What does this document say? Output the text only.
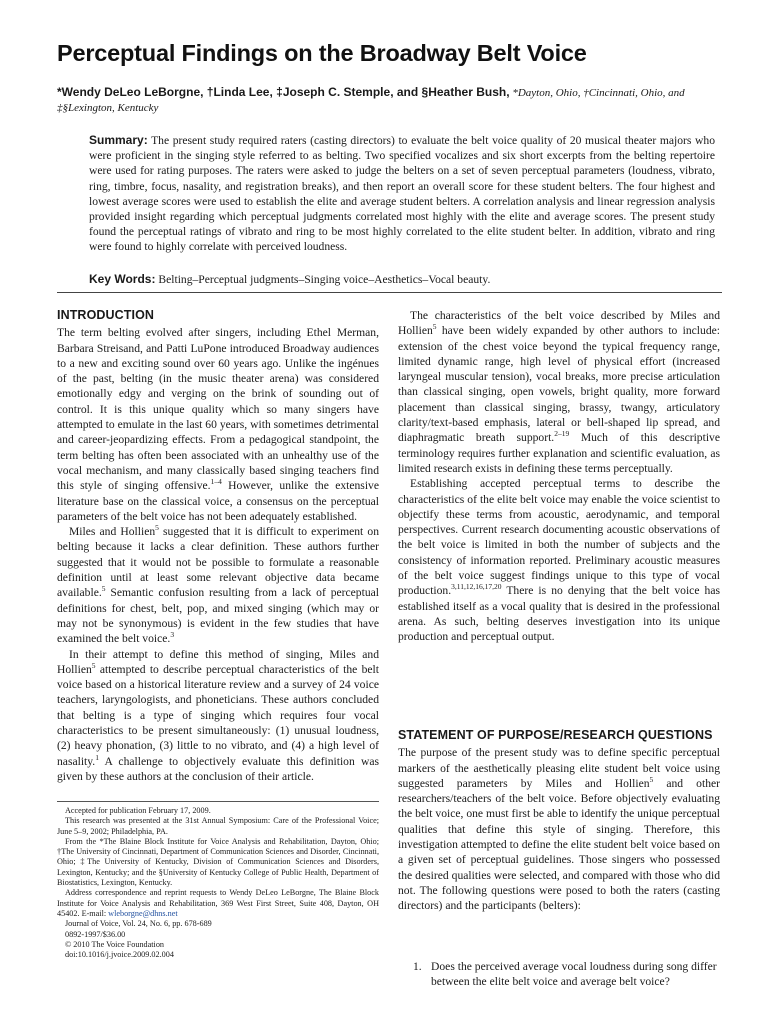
Perceptual Findings on the Broadway Belt Voice
*Wendy DeLeo LeBorgne, †Linda Lee, ‡Joseph C. Stemple, and §Heather Bush, *Dayton, Ohio, †Cincinnati, Ohio, and
‡§Lexington, Kentucky
Summary: The present study required raters (casting directors) to evaluate the belt voice quality of 20 musical theater majors who were proficient in the singing style referred to as belting. Two specified vocalizes and six short excerpts from the belting repertoire were used for rating purposes. The raters were asked to judge the belters on a set of seven perceptual parameters (loudness, vibrato, ring, timbre, focus, nasality, and registration breaks), and then report an overall score for these student belters. The four highest and lowest average scores were used to establish the elite and average student belters. A correlation analysis and linear regression analysis provided insight regarding which perceptual judgments correlated most highly with the elite and average scores. The present study found the perceptual ratings of vibrato and ring to be most highly correlated to the elite student belter. In addition, vibrato and ring were found to highly correlate with perceived loudness.
Key Words: Belting–Perceptual judgments–Singing voice–Aesthetics–Vocal beauty.
INTRODUCTION

The term belting evolved after singers, including Ethel Merman, Barbara Streisand, and Patti LuPone introduced Broadway audiences to a new and exciting sound over 60 years ago. Unlike the ingénues of the past, belting (in the music theater arena) was considered emotionally edgy and verging on the brink of sounding out of control. It is this unique quality which so many singers have attempted to emulate in the last 60 years, with sometimes detrimental and career-jeopardizing effects. From a pedagogical standpoint, the term belting has often been associated with an unhealthy use of the vocal mechanism, and many classically based singing teachers find this style of singing offensive.$^{1-4}$ However, unlike the extensive literature base on the classical voice, a consensus on the perceptual parameters of the belt voice has not been adequately established.

Miles and Hollien$^5$ suggested that it is difficult to experiment on belting because it lacks a clear definition. These authors further suggested that it would not be possible to formulate a reasonable definition until at least some relevant objective data became available.$^5$ Semantic confusion resulting from a lack of perceptual definitions for chest, belt, pop, and mixed singing (which may or may not be synonymous) is evident in the few studies that have examined the belt voice.$^3$

In their attempt to define this method of singing, Miles and Hollien$^5$ attempted to describe perceptual characteristics of the belt voice based on a historical literature review and a survey of 24 voice teachers, laryngologists, and phoneticians. These authors concluded that belting is a type of singing which requires four vocal characteristics to be present simultaneously: (1) unusual loudness, (2) heavy phonation, (3) little to no vibrato, and (4) a high level of nasality.$^1$ A challenge to objectively evaluate this definition was given by these authors at the conclusion of their article.

Accepted for publication February 17, 2009.

This research was presented at the 31st Annual Symposium: Care of the Professional Voice; June 5–9, 2002; Philadelphia, PA.

From the *The Blaine Block Institute for Voice Analysis and Rehabilitation, Dayton, Ohio; †The University of Cincinnati, Department of Communication Sciences and Disorder, Cincinnati, Ohio; ‡The University of Kentucky, Division of Communication Sciences and Disorders, Lexington, Kentucky; and the §University of Kentucky College of Public Health, Department of Biostatistics, Lexington, Kentucky.

Address correspondence and reprint requests to Wendy DeLeo LeBorgne, The Blaine Block Institute for Voice Analysis and Rehabilitation, 369 West First Street, Suite 408, Dayton, OH 45402. E-mail: wleborgne@dhns.net

Journal of Voice, Vol. 24, No. 6, pp. 678-689

0892-1997/$36.00

© 2010 The Voice Foundation

doi:10.1016/j.jvoice.2009.02.004

The characteristics of the belt voice described by Miles and Hollien$^5$ have been widely expanded by other authors to include: extension of the chest voice beyond the typical frequency range, limited dynamic range, high level of physical effort (increased laryngeal muscular tension), vocal breaks, more precise articulation than classical singing, open vowels, bright quality, more forward placement than classical singing, brassy, twangy, articulatory clarity/text-based emphasis, lateral or bell-shaped lip spread, and diaphragmatic breath support.$^{2-19}$ Much of this descriptive terminology requires further explanation and scientific evaluation, as limited research exists in defining these terms perceptually.

Establishing accepted perceptual terms to describe the characteristics of the elite belt voice may enable the voice scientist to objectify these terms from acoustic, aerodynamic, and temporal perspectives. Current research documenting acoustic observations of the belt voice is limited in both the number of subjects and the consistency of information reported. Preliminary acoustic measures of the belt voice suggest findings unique to this type of vocal production.$^{3,11,12,16,17,20}$ There is no denying that the belt voice has established itself as a vocal quality that is desired in the professional arena. As such, belting deserves investigation into its unique production and perceptual output.

STATEMENT OF PURPOSE/RESEARCH QUESTIONS

The purpose of the present study was to define specific perceptual markers of the aesthetically pleasing elite student belt voice using suggested parameters by Miles and Hollien$^5$ and other researchers/teachers of the belt voice. Before objectively evaluating the belt voice, one must first be able to identify the unique perceptual qualities that define this style of singing. Therefore, this investigation attempted to define the elite student belt voice based on a given set of perceptual guidelines. Those singers who possessed the desired qualities were selected, and compared with those who did not. The following questions were posed to both the raters (casting directors) and the participants (belters):

1. Does the perceived average vocal loudness during song differ between the elite belt voice and average belt voice?
